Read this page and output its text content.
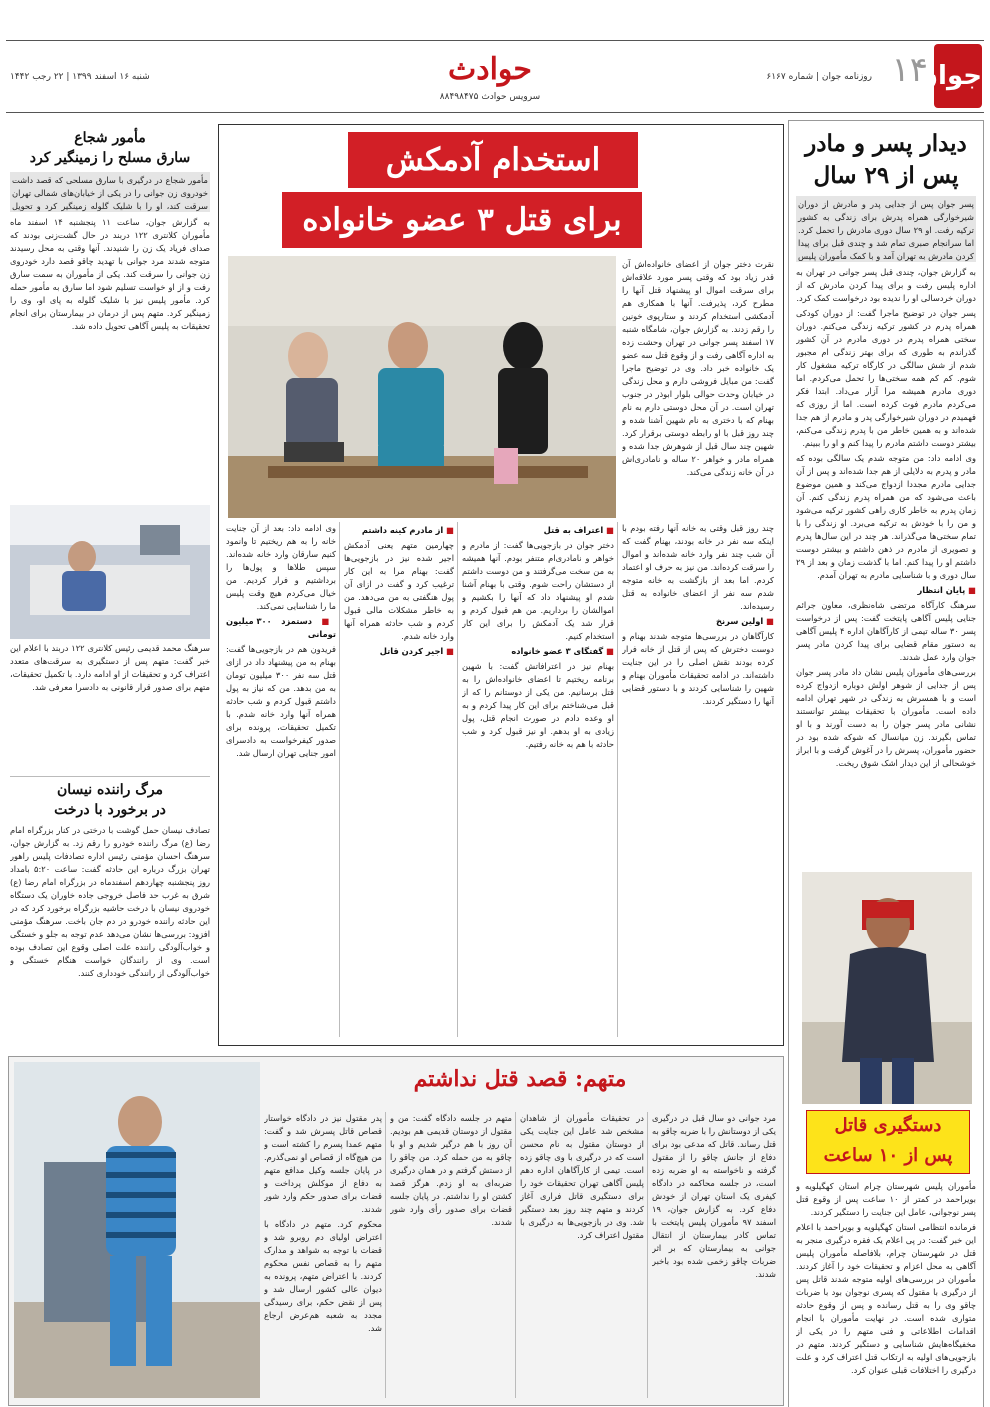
جوان
۱۴
روزنامه جوان | شماره ۶۱۶۷
حوادث
سرویس حوادث ۸۸۴۹۸۴۷۵
شنبه ۱۶ اسفند ۱۳۹۹ | ۲۲ رجب ۱۴۴۲
دیدار پسر و مادر
پس از ۲۹ سال
پسر جوان پس از جدایی پدر و مادرش از دوران شیرخوارگی همراه پدرش برای زندگی به کشور ترکیه رفت. او ۲۹ سال دوری مادرش را تحمل کرد. اما سرانجام صبری تمام شد و چندی قبل برای پیدا کردن مادرش به تهران آمد و با کمک مأموران پلیس

به گزارش جوان، چندی قبل پسر جوانی در تهران به اداره پلیس رفت و برای پیدا کردن مادرش که از دوران خردسالی او را ندیده بود درخواست کمک کرد.

پسر جوان در توضیح ماجرا گفت: از دوران کودکی همراه پدرم در کشور ترکیه زندگی می‌کنم. دوران سختی همراه پدرم در دوری مادرم در آن کشور گذراندم به طوری که برای بهتر زندگی ام مجبور شدم از شش سالگی در کارگاه ترکیه مشغول کار شوم. کم کم همه سختی‌ها را تحمل می‌کردم. اما دوری مادرم همیشه مرا آزار می‌داد. ابتدا فکر می‌کردم مادرم فوت کرده است. اما از روزی که فهمیدم در دوران شیرخوارگی پدر و مادرم از هم جدا شده‌اند و به همین خاطر من با پدرم زندگی می‌کنم، بیشتر دوست داشتم مادرم را پیدا کنم و او را ببینم.

وی ادامه داد: من متوجه شدم یک سالگی بوده که مادر و پدرم به دلایلی از هم جدا شده‌اند و پس از آن جدایی مادرم مجددا ازدواج می‌کند و همین موضوع باعث می‌شود که من همراه پدرم زندگی کنم. آن زمان پدرم به خاطر کاری راهی کشور ترکیه می‌شود و من را با خودش به ترکیه می‌برد. او زندگی را با تمام سختی‌ها می‌گذراند. هر چند در این سال‌ها پدرم و تصویری از مادرم در ذهن داشتم و بیشتر دوست داشتم او را پیدا کنم. اما با گذشت زمان و بعد از ۲۹ سال دوری و با شناسایی مادرم به تهران آمدم.

■ پایان انتظار

سرهنگ کارآگاه مرتضی شاه‌نظری، معاون جرائم جنایی پلیس آگاهی پایتخت گفت: پس از درخواست پسر ۳۰ ساله تیمی از کارآگاهان اداره ۴ پلیس آگاهی به دستور مقام قضایی برای پیدا کردن مادر پسر جوان وارد عمل شدند.

بررسی‌های مأموران پلیس نشان داد مادر پسر جوان پس از جدایی از شوهر اولش دوباره ازدواج کرده است و با همسرش به زندگی در شهر تهران ادامه داده است. مأموران با تحقیقات بیشتر توانستند نشانی مادر پسر جوان را به دست آورند و با او تماس بگیرند. زن میانسال که شوکه شده بود در حضور مأموران، پسرش را در آغوش گرفت و با ابراز خوشحالی از این دیدار اشک شوق ریخت.

دستگیری قاتل
پس از ۱۰ ساعت

مأموران پلیس شهرستان چرام استان کهگیلویه و بویراحمد در کمتر از ۱۰ ساعت پس از وقوع قتل پسر نوجوانی، عامل این جنایت را دستگیر کردند.

فرمانده انتظامی استان کهگیلویه و بویراحمد با اعلام این خبر گفت: در پی اعلام یک فقره درگیری منجر به قتل در شهرستان چرام، بلافاصله مأموران پلیس آگاهی به محل اعزام و تحقیقات خود را آغاز کردند. مأموران در بررسی‌های اولیه متوجه شدند قاتل پس از درگیری با مقتول که پسری نوجوان بود با ضربات چاقو وی را به قتل رسانده و پس از وقوع حادثه متواری شده است. در نهایت مأموران با انجام اقدامات اطلاعاتی و فنی متهم را در یکی از مخفیگاه‌هایش شناسایی و دستگیر کردند. متهم در بازجویی‌های اولیه به ارتکاب قتل اعتراف کرد و علت درگیری را اختلافات قبلی عنوان کرد.

استخدام آدمکش
برای قتل ۳ عضو خانواده
نقرت دختر جوان از اعضای خانواده‌اش آن قدر زیاد بود که وقتی پسر مورد علاقه‌اش برای سرقت اموال او پیشنهاد قتل آنها را مطرح کرد، پذیرفت. آنها با همکاری هم آدمکشی استخدام کردند و ستارپوی خونین را رقم زدند. به گزارش جوان، شامگاه شنبه ۱۷ اسفند پسر جوانی در تهران وحشت زده به اداره آگاهی رفت و از وقوع قتل سه عضو یک خانواده خبر داد. وی در توضیح ماجرا گفت: من مبایل فروشی دارم و محل زندگی در خیابان وحدت حوالی بلوار ابوذر در جنوب تهران است. در آن محل دوستی دارم به نام بهنام که با دختری به نام شهین آشنا شده و چند روز قبل با او رابطه دوستی برقرار کرد. شهین چند سال قبل از شوهرش جدا شده و همراه مادر و خواهر ۲۰ ساله و نامادری‌اش در آن خانه زندگی می‌کند.

چند روز قبل وقتی به خانه آنها رفته بودم با اینکه سه نفر در خانه بودند، بهنام گفت که آن شب چند نفر وارد خانه شده‌اند و اموال را سرقت کرده‌اند. من نیز به حرف او اعتماد کردم. اما بعد از بازگشت به خانه متوجه شدم سه نفر از اعضای خانواده به قتل رسیده‌اند.

■ اولین سرنخ

کارآگاهان در بررسی‌ها متوجه شدند بهنام و دوست دخترش که پس از قتل از خانه فرار کرده بودند نقش اصلی را در این جنایت داشته‌اند. در ادامه تحقیقات مأموران بهنام و شهین را شناسایی کردند و با دستور قضایی آنها را دستگیر کردند.

■ اعتراف به قتل

دختر جوان در بازجویی‌ها گفت: از مادرم و خواهر و نامادری‌ام متنفر بودم. آنها همیشه به من سخت می‌گرفتند و من دوست داشتم از دستشان راحت شوم. وقتی با بهنام آشنا شدم او پیشنهاد داد که آنها را بکشیم و اموالشان را برداریم. من هم قبول کردم و قرار شد یک آدمکش را برای این کار استخدام کنیم.

■ گفتگای ۳ عضو خانواده

بهنام نیز در اعترافاتش گفت: با شهین برنامه ریختیم تا اعضای خانواده‌اش را به قتل برسانیم. من یکی از دوستانم را که از قبل می‌شناختم برای این کار پیدا کردم و به او وعده دادم در صورت انجام قتل، پول زیادی به او بدهم. او نیز قبول کرد و شب حادثه با هم به خانه رفتیم.

■ از مادرم کینه داشتم

چهارمین متهم یعنی آدمکش اجیر شده نیز در بازجویی‌ها گفت: بهنام مرا به این کار ترغیب کرد و گفت در ازای آن پول هنگفتی به من می‌دهد. من به خاطر مشکلات مالی قبول کردم و شب حادثه همراه آنها وارد خانه شدم.

■ اجیر کردن قاتل

وی ادامه داد: بعد از آن جنایت خانه را به هم ریختیم تا وانمود کنیم سارقان وارد خانه شده‌اند. سپس طلاها و پول‌ها را برداشتیم و فرار کردیم. من خیال می‌کردم هیچ وقت پلیس ما را شناسایی نمی‌کند.

■ دستمزد ۳۰۰ میلیون تومانی

فریدون هم در بازجویی‌ها گفت: بهنام به من پیشنهاد داد در ازای قتل سه نفر ۳۰۰ میلیون تومان به من بدهد. من که نیاز به پول داشتم قبول کردم و شب حادثه همراه آنها وارد خانه شدم. با تکمیل تحقیقات، پرونده برای صدور کیفرخواست به دادسرای امور جنایی تهران ارسال شد.

مأمور شجاع
سارق مسلح را زمینگیر کرد
مأمور شجاع در درگیری با سارق مسلحی که قصد داشت خودروی زن جوانی را در یکی از خیابان‌های شمالی تهران سرقت کند، او را با شلیک گلوله زمینگیر کرد و تحویل
به گزارش جوان، ساعت ۱۱ پنجشنبه ۱۴ اسفند ماه مأموران کلانتری ۱۲۲ دربند در حال گشت‌زنی بودند که صدای فریاد یک زن را شنیدند. آنها وقتی به محل رسیدند متوجه شدند مرد جوانی با تهدید چاقو قصد دارد خودروی زن جوانی را سرقت کند. یکی از مأموران به سمت سارق رفت و از او خواست تسلیم شود اما سارق به مأمور حمله کرد. مأمور پلیس نیز با شلیک گلوله به پای او، وی را زمینگیر کرد. متهم پس از درمان در بیمارستان برای انجام تحقیقات به پلیس آگاهی تحویل داده شد.
سرهنگ محمد قدیمی رئیس کلانتری ۱۲۲ دربند با اعلام این خبر گفت: متهم پس از دستگیری به سرقت‌های متعدد اعتراف کرد و تحقیقات از او ادامه دارد. با تکمیل تحقیقات، متهم برای صدور قرار قانونی به دادسرا معرفی شد.
مرگ راننده نیسان
در برخورد با درخت
تصادف نیسان حمل گوشت با درختی در کنار بزرگراه امام رضا (ع) مرگ راننده خودرو را رقم زد. به گزارش جوان، سرهنگ احسان مؤمنی رئیس اداره تصادفات پلیس راهور تهران بزرگ درباره این حادثه گفت: ساعت ۵:۲۰ بامداد روز پنجشنبه چهاردهم اسفندماه در بزرگراه امام رضا (ع) شرق به غرب حد فاصل خروجی جاده خاوران یک دستگاه خودروی نیسان با درخت حاشیه بزرگراه برخورد کرد که در این حادثه راننده خودرو در دم جان باخت. سرهنگ مؤمنی افزود: بررسی‌ها نشان می‌دهد عدم توجه به جلو و خستگی و خواب‌آلودگی راننده علت اصلی وقوع این تصادف بوده است. وی از رانندگان خواست هنگام خستگی و خواب‌آلودگی از رانندگی خودداری کنند.
متهم: قصد قتل نداشتم
مرد جوانی دو سال قبل در درگیری یکی از دوستانش را با ضربه چاقو به قتل رساند. قاتل که مدعی بود برای دفاع از جانش چاقو را از مقتول گرفته و ناخواسته به او ضربه زده است، در جلسه محاکمه در دادگاه کیفری یک استان تهران از خودش دفاع کرد. به گزارش جوان، ۱۹ اسفند ۹۷ مأموران پلیس پایتخت با تماس کادر بیمارستان از انتقال جوانی به بیمارستان که بر اثر ضربات چاقو زخمی شده بود باخبر شدند.
در تحقیقات مأموران از شاهدان مشخص شد عامل این جنایت یکی از دوستان مقتول به نام محسن است که در درگیری با وی چاقو زده است. تیمی از کارآگاهان اداره دهم پلیس آگاهی تهران تحقیقات خود را برای دستگیری قاتل فراری آغاز کردند و متهم چند روز بعد دستگیر شد. وی در بازجویی‌ها به درگیری با مقتول اعتراف کرد.
متهم در جلسه دادگاه گفت: من و مقتول از دوستان قدیمی هم بودیم. آن روز با هم درگیر شدیم و او با چاقو به من حمله کرد. من چاقو را از دستش گرفتم و در همان درگیری ضربه‌ای به او زدم. هرگز قصد کشتن او را نداشتم. در پایان جلسه قضات برای صدور رأی وارد شور شدند.

پدر مقتول نیز در دادگاه خواستار قصاص قاتل پسرش شد و گفت: متهم عمدا پسرم را کشته است و من هیچ‌گاه از قصاص او نمی‌گذرم. در پایان جلسه وکیل مدافع متهم به دفاع از موکلش پرداخت و قضات برای صدور حکم وارد شور شدند.

محکوم کرد. متهم در دادگاه با اعتراض اولیای دم روبرو شد و قضات با توجه به شواهد و مدارک متهم را به قصاص نفس محکوم کردند. با اعتراض متهم، پرونده به دیوان عالی کشور ارسال شد و پس از نقض حکم، برای رسیدگی مجدد به شعبه هم‌عرض ارجاع شد.
